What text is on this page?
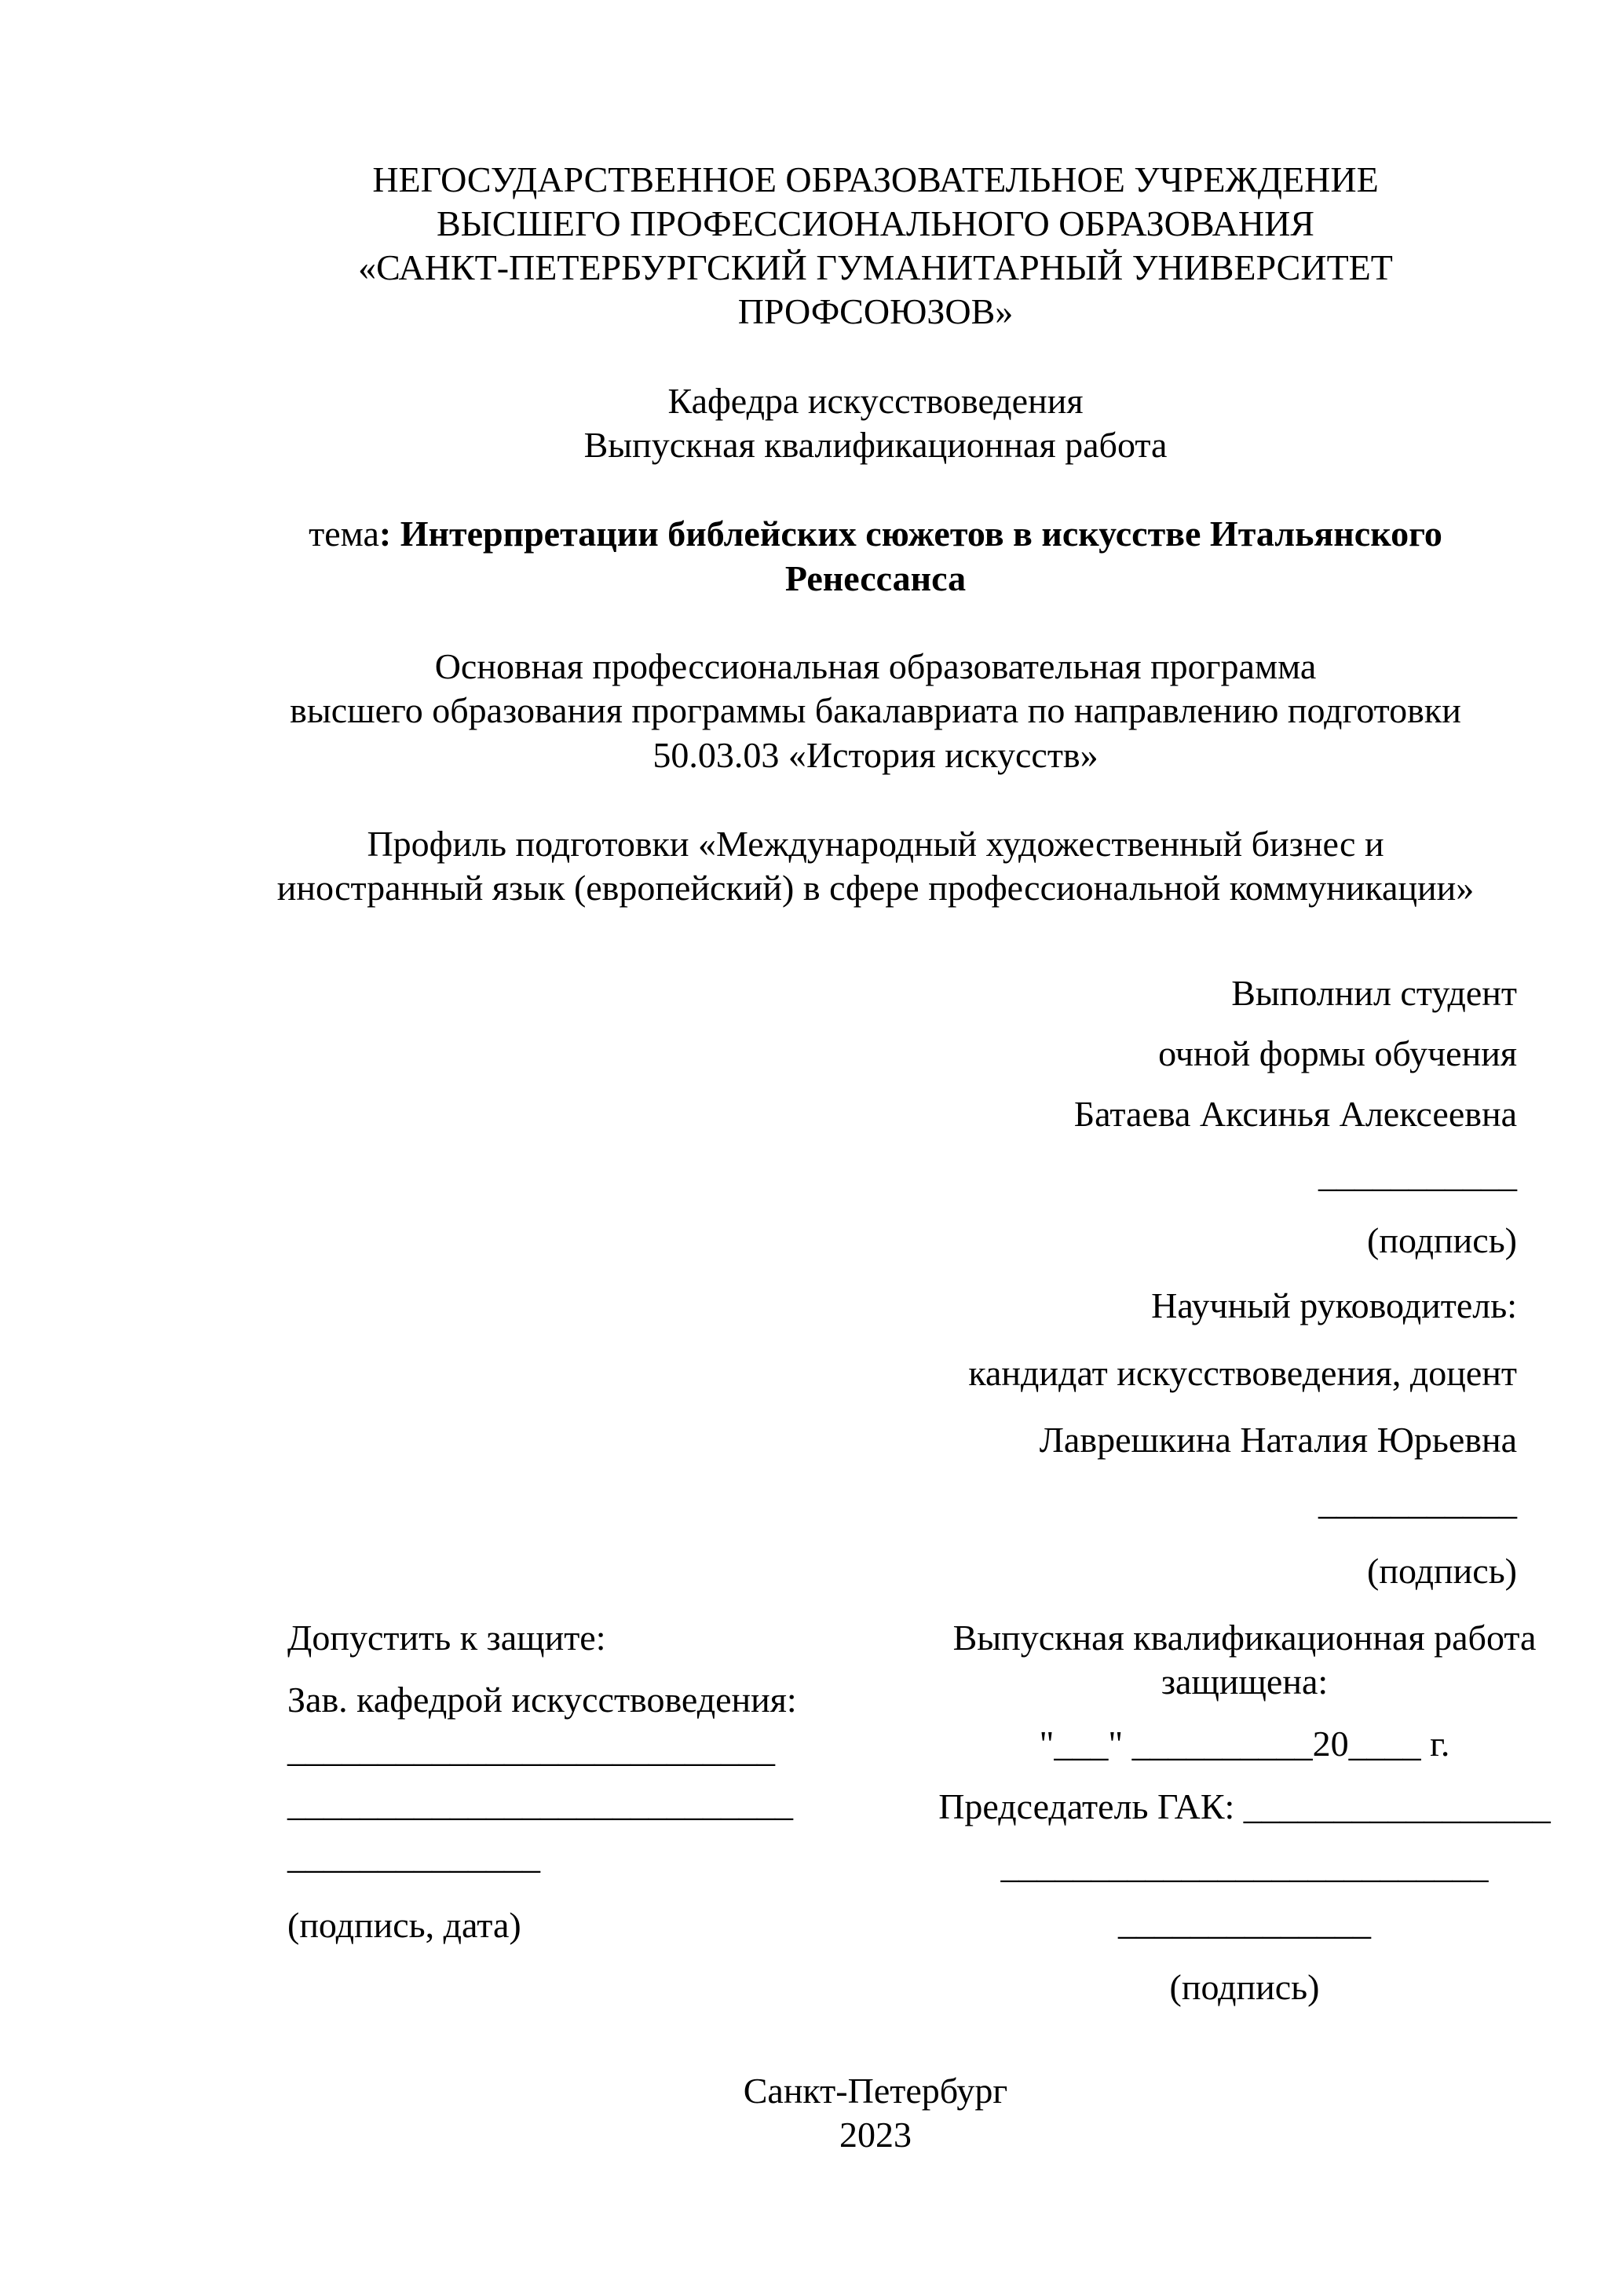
НЕГОСУДАРСТВЕННОЕ ОБРАЗОВАТЕЛЬНОЕ УЧРЕЖДЕНИЕ
ВЫСШЕГО ПРОФЕССИОНАЛЬНОГО ОБРАЗОВАНИЯ
«САНКТ-ПЕТЕРБУРГСКИЙ ГУМАНИТАРНЫЙ УНИВЕРСИТЕТ
ПРОФСОЮЗОВ»
Кафедра искусствоведения
Выпускная квалификационная работа
тема: Интерпретации библейских сюжетов в искусстве Итальянского
Ренессанса
Основная профессиональная образовательная программа
высшего образования программы бакалавриата по направлению подготовки
50.03.03 «История искусств»
Профиль подготовки «Международный художественный бизнес и
иностранный язык (европейский) в сфере профессиональной коммуникации»
Выполнил студент
очной формы обучения
Батаева Аксинья Алексеевна
___________
(подпись)
Научный руководитель:
кандидат искусствоведения, доцент
Лаврешкина Наталия Юрьевна
___________
(подпись)
Допустить к защите:
Зав. кафедрой искусствоведения:
___________________________
____________________________
______________
(подпись, дата)
Выпускная квалификационная работа
защищена:
"___" __________20____ г.
Председатель ГАК: _________________
___________________________
______________
(подпись)
Санкт-Петербург
2023
